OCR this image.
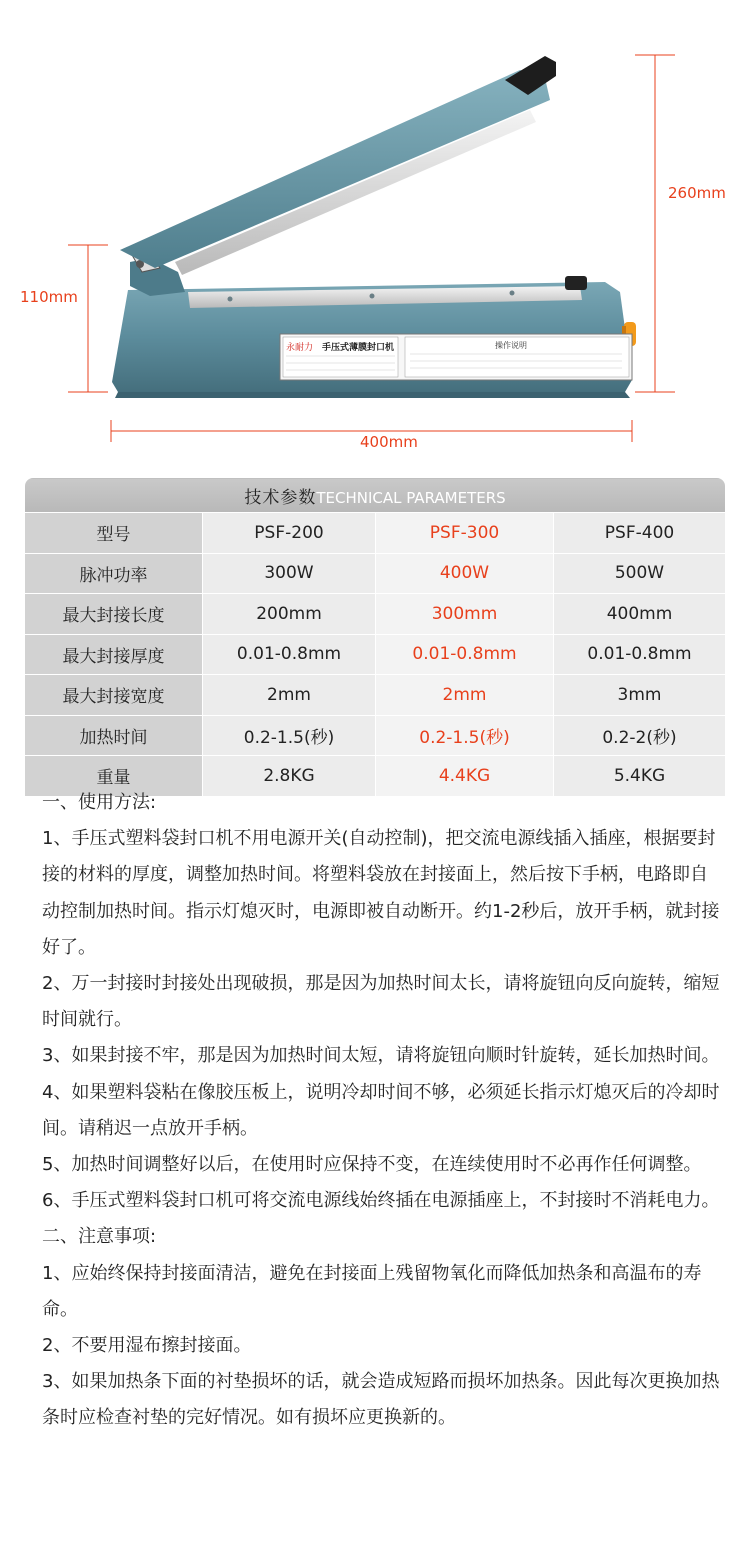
永耐力 手压式薄膜封口机	操作说明
260mm
110mm
400mm
技术参数TECHNICAL PARAMETERS			
型号	PSF-200	PSF-300	PSF-400
脉冲功率	300W	400W	500W
最大封接长度	200mm	300mm	400mm
最大封接厚度	0.01-0.8mm	0.01-0.8mm	0.01-0.8mm
最大封接宽度	2mm	2mm	3mm
加热时间	0.2-1.5(秒)	0.2-1.5(秒)	0.2-2(秒)
重量	2.8KG	4.4KG	5.4KG

一、使用方法:

1、手压式塑料袋封口机不用电源开关(自动控制)，把交流电源线插入插座，根据要封接的材料的厚度，调整加热时间。将塑料袋放在封接面上，然后按下手柄，电路即自动控制加热时间。指示灯熄灭时，电源即被自动断开。约1-2秒后，放开手柄，就封接好了。

2、万一封接时封接处出现破损，那是因为加热时间太长，请将旋钮向反向旋转，缩短时间就行。

3、如果封接不牢，那是因为加热时间太短，请将旋钮向顺时针旋转，延长加热时间。

4、如果塑料袋粘在像胶压板上，说明冷却时间不够，必须延长指示灯熄灭后的冷却时间。请稍迟一点放开手柄。

5、加热时间调整好以后，在使用时应保持不变，在连续使用时不必再作任何调整。

6、手压式塑料袋封口机可将交流电源线始终插在电源插座上，不封接时不消耗电力。

二、注意事项:

1、应始终保持封接面清洁，避免在封接面上残留物氧化而降低加热条和高温布的寿命。

2、不要用湿布擦封接面。

3、如果加热条下面的衬垫损坏的话，就会造成短路而损坏加热条。因此每次更换加热条时应检查衬垫的完好情况。如有损坏应更换新的。
